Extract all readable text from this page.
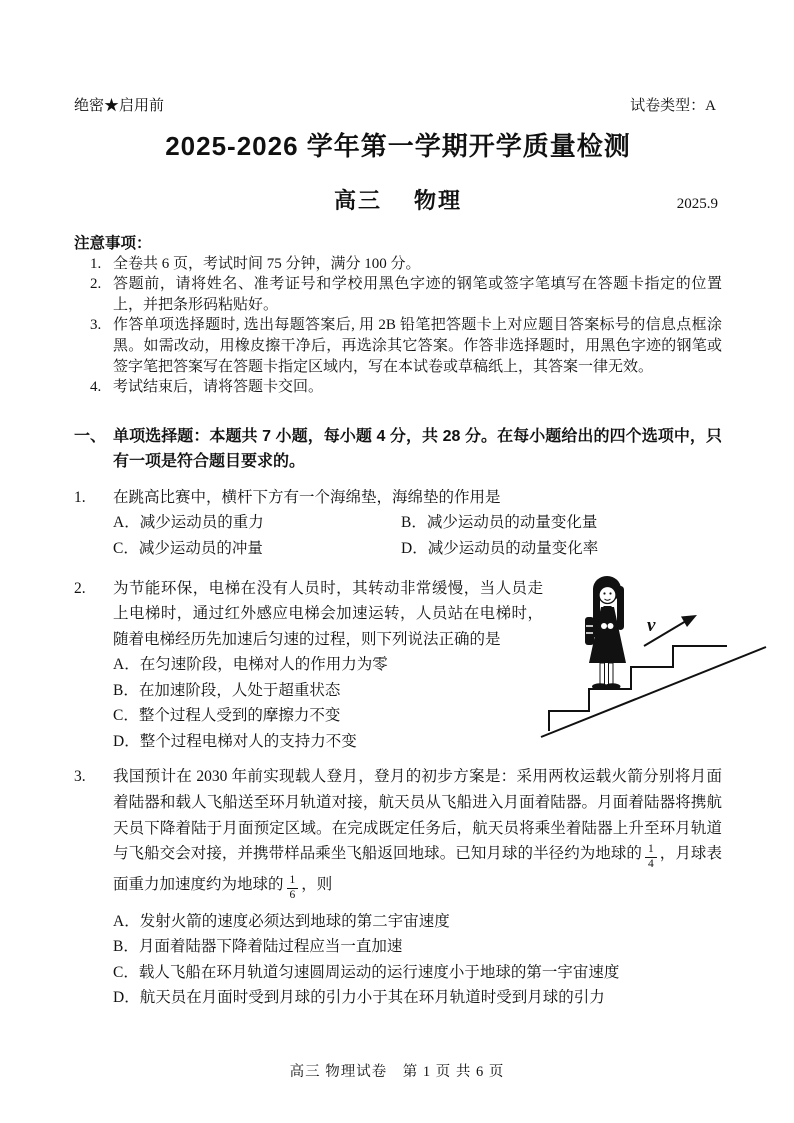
绝密★启用前	试卷类型：A
2025-2026 学年第一学期开学质量检测
高三　 物理	2025.9
注意事项：
1. 全卷共 6 页，考试时间 75 分钟，满分 100 分。
2. 答题前，请将姓名、准考证号和学校用黑色字迹的钢笔或签字笔填写在答题卡指定的位置上，并把条形码粘贴好。
3. 作答单项选择题时, 选出每题答案后, 用 2B 铅笔把答题卡上对应题目答案标号的信息点框涂黑。如需改动，用橡皮擦干净后，再选涂其它答案。作答非选择题时，用黑色字迹的钢笔或签字笔把答案写在答题卡指定区域内，写在本试卷或草稿纸上，其答案一律无效。
4. 考试结束后，请将答题卡交回。
一、 单项选择题：本题共 7 小题，每小题 4 分，共 28 分。在每小题给出的四个选项中，只有一项是符合题目要求的。
1.	在跳高比赛中，横杆下方有一个海绵垫，海绵垫的作用是
A．减少运动员的重力	B．减少运动员的动量变化量
C．减少运动员的冲量	D．减少运动员的动量变化率
2.	为节能环保，电梯在没有人员时，其转动非常缓慢，当人员走上电梯时，通过红外感应电梯会加速运转，人员站在电梯时，随着电梯经历先加速后匀速的过程，则下列说法正确的是
A．在匀速阶段，电梯对人的作用力为零
B．在加速阶段，人处于超重状态
C．整个过程人受到的摩擦力不变
D．整个过程电梯对人的支持力不变
v
3.	我国预计在 2030 年前实现载人登月，登月的初步方案是：采用两枚运载火箭分别将月面着陆器和载人飞船送至环月轨道对接，航天员从飞船进入月面着陆器。月面着陆器将携航天员下降着陆于月面预定区域。在完成既定任务后，航天员将乘坐着陆器上升至环月轨道与飞船交会对接，并携带样品乘坐飞船返回地球。已知月球的半径约为地球的 $\frac{1}{4}$ ，月球表面重力加速度约为地球的 $\frac{1}{6}$ ，则
A．发射火箭的速度必须达到地球的第二宇宙速度
B．月面着陆器下降着陆过程应当一直加速
C．载人飞船在环月轨道匀速圆周运动的运行速度小于地球的第一宇宙速度
D．航天员在月面时受到月球的引力小于其在环月轨道时受到月球的引力
高三 物理试卷　第 1 页 共 6 页
